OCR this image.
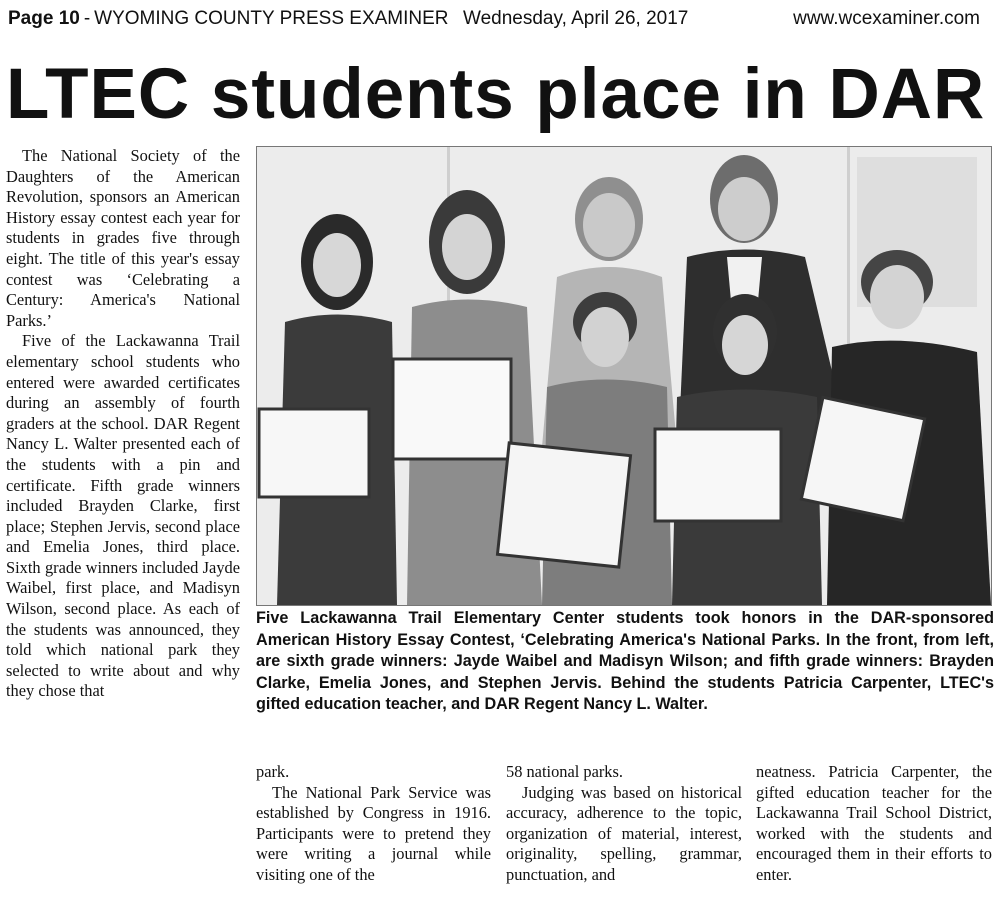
Page 10 - WYOMING COUNTY PRESS EXAMINER Wednesday, April 26, 2017	www.wcexaminer.com
LTEC students place in DAR

The National Society of the Daughters of the American Revolution, sponsors an American History essay contest each year for students in grades five through eight. The title of this year's essay contest was ‘Celebrating a Century: America's National Parks.’

Five of the Lackawanna Trail elementary school students who entered were awarded certificates during an assembly of fourth graders at the school. DAR Regent Nancy L. Walter presented each of the students with a pin and certificate. Fifth grade winners included Brayden Clarke, first place; Stephen Jervis, second place and Emelia Jones, third place. Sixth grade winners included Jayde Waibel, first place, and Madisyn Wilson, second place. As each of the students was announced, they told which national park they selected to write about and why they chose that

Five Lackawanna Trail Elementary Center students took honors in the DAR-sponsored American History Essay Contest, ‘Celebrating America's National Parks. In the front, from left, are sixth grade winners: Jayde Waibel and Madisyn Wilson; and fifth grade winners: Brayden Clarke, Emelia Jones, and Stephen Jervis. Behind the students Patricia Carpenter, LTEC's gifted education teacher, and DAR Regent Nancy L. Walter.

park.

The National Park Service was established by Congress in 1916. Participants were to pretend they were writing a journal while visiting one of the

58 national parks.

Judging was based on historical accuracy, adherence to the topic, organization of material, interest, originality, spelling, grammar, punctuation, and

neatness. Patricia Carpenter, the gifted education teacher for the Lackawanna Trail School District, worked with the students and encouraged them in their efforts to enter.
